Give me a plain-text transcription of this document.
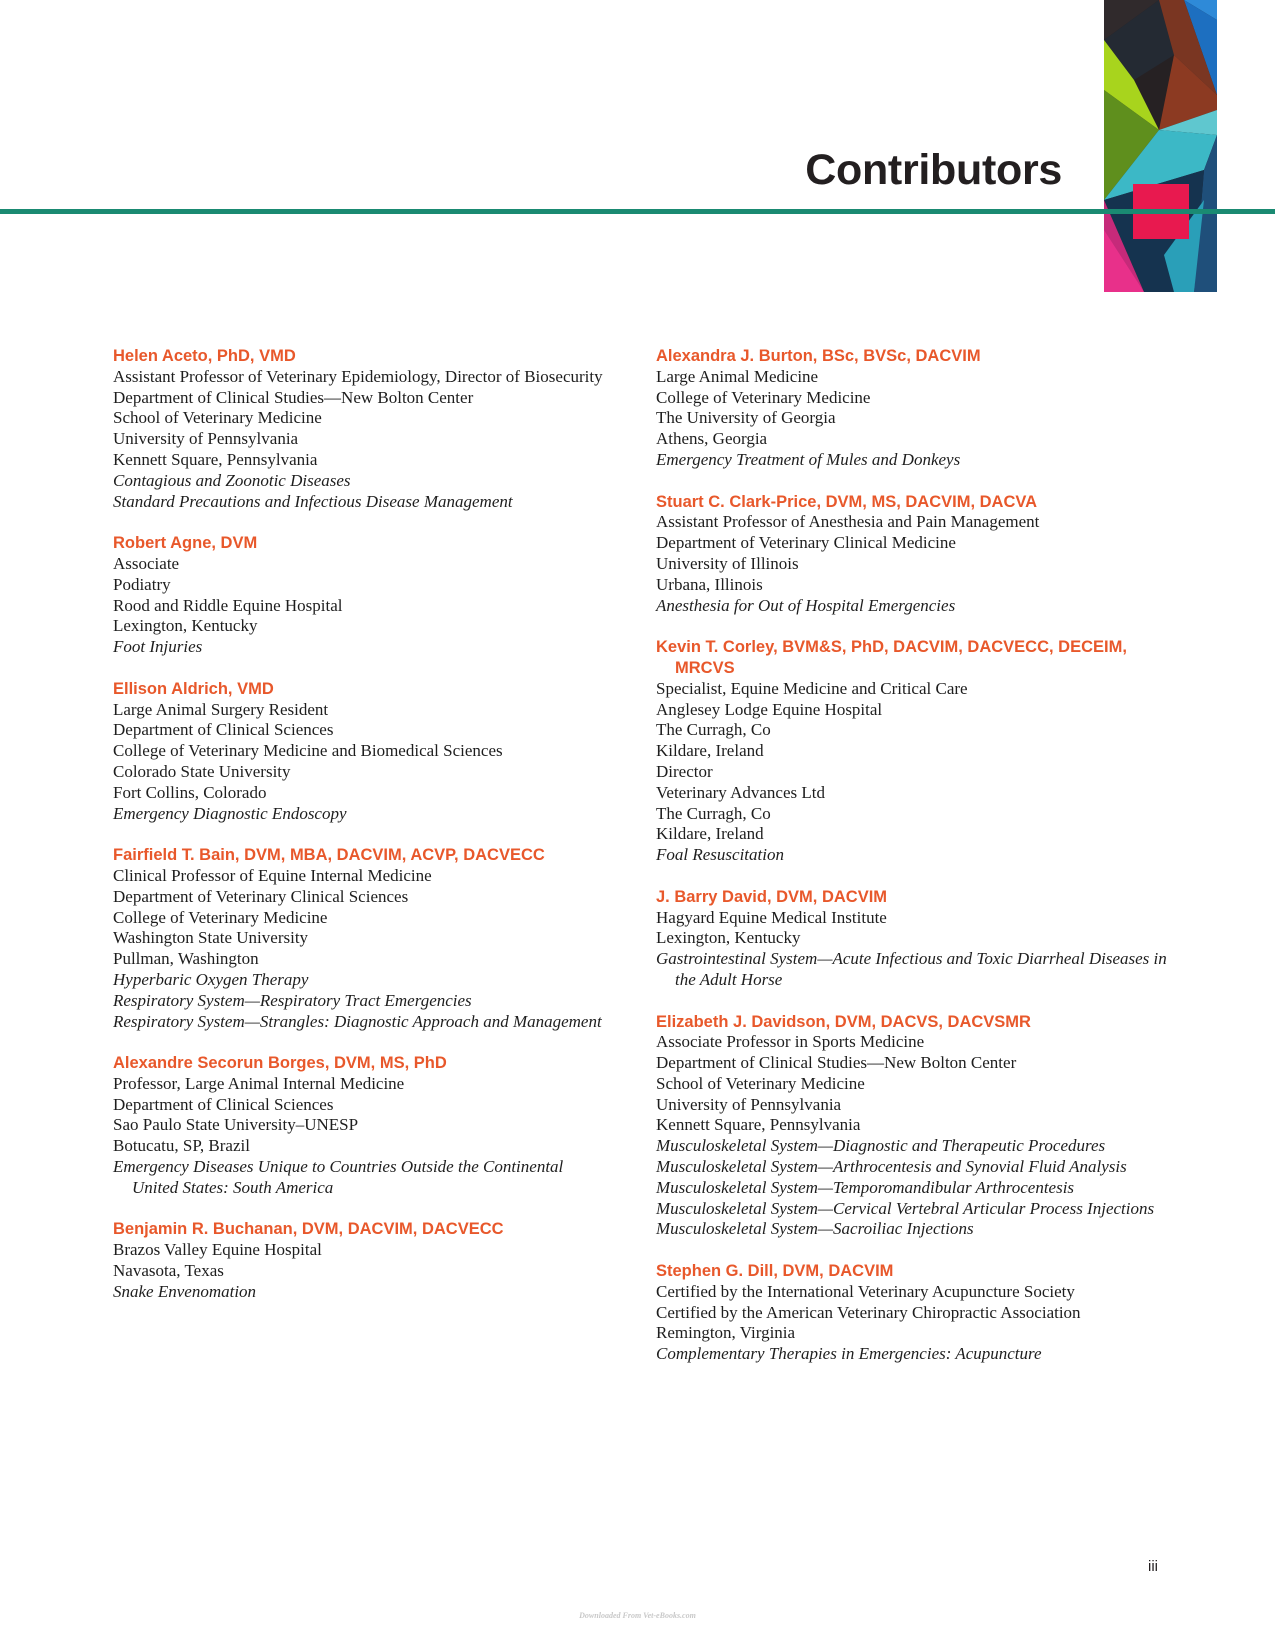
Contributors
Helen Aceto, PhD, VMD
Assistant Professor of Veterinary Epidemiology, Director of Biosecurity
Department of Clinical Studies—New Bolton Center
School of Veterinary Medicine
University of Pennsylvania
Kennett Square, Pennsylvania
Contagious and Zoonotic Diseases
Standard Precautions and Infectious Disease Management
Robert Agne, DVM
Associate
Podiatry
Rood and Riddle Equine Hospital
Lexington, Kentucky
Foot Injuries
Ellison Aldrich, VMD
Large Animal Surgery Resident
Department of Clinical Sciences
College of Veterinary Medicine and Biomedical Sciences
Colorado State University
Fort Collins, Colorado
Emergency Diagnostic Endoscopy
Fairfield T. Bain, DVM, MBA, DACVIM, ACVP, DACVECC
Clinical Professor of Equine Internal Medicine
Department of Veterinary Clinical Sciences
College of Veterinary Medicine
Washington State University
Pullman, Washington
Hyperbaric Oxygen Therapy
Respiratory System—Respiratory Tract Emergencies
Respiratory System—Strangles: Diagnostic Approach and Management
Alexandre Secorun Borges, DVM, MS, PhD
Professor, Large Animal Internal Medicine
Department of Clinical Sciences
Sao Paulo State University–UNESP
Botucatu, SP, Brazil
Emergency Diseases Unique to Countries Outside the Continental United States: South America
Benjamin R. Buchanan, DVM, DACVIM, DACVECC
Brazos Valley Equine Hospital
Navasota, Texas
Snake Envenomation
Alexandra J. Burton, BSc, BVSc, DACVIM
Large Animal Medicine
College of Veterinary Medicine
The University of Georgia
Athens, Georgia
Emergency Treatment of Mules and Donkeys
Stuart C. Clark-Price, DVM, MS, DACVIM, DACVA
Assistant Professor of Anesthesia and Pain Management
Department of Veterinary Clinical Medicine
University of Illinois
Urbana, Illinois
Anesthesia for Out of Hospital Emergencies
Kevin T. Corley, BVM&S, PhD, DACVIM, DACVECC, DECEIM, MRCVS
Specialist, Equine Medicine and Critical Care
Anglesey Lodge Equine Hospital
The Curragh, Co
Kildare, Ireland
Director
Veterinary Advances Ltd
The Curragh, Co
Kildare, Ireland
Foal Resuscitation
J. Barry David, DVM, DACVIM
Hagyard Equine Medical Institute
Lexington, Kentucky
Gastrointestinal System—Acute Infectious and Toxic Diarrheal Diseases in the Adult Horse
Elizabeth J. Davidson, DVM, DACVS, DACVSMR
Associate Professor in Sports Medicine
Department of Clinical Studies—New Bolton Center
School of Veterinary Medicine
University of Pennsylvania
Kennett Square, Pennsylvania
Musculoskeletal System—Diagnostic and Therapeutic Procedures
Musculoskeletal System—Arthrocentesis and Synovial Fluid Analysis
Musculoskeletal System—Temporomandibular Arthrocentesis
Musculoskeletal System—Cervical Vertebral Articular Process Injections
Musculoskeletal System—Sacroiliac Injections
Stephen G. Dill, DVM, DACVIM
Certified by the International Veterinary Acupuncture Society
Certified by the American Veterinary Chiropractic Association
Remington, Virginia
Complementary Therapies in Emergencies: Acupuncture
iii
Downloaded From Vet-eBooks.com
